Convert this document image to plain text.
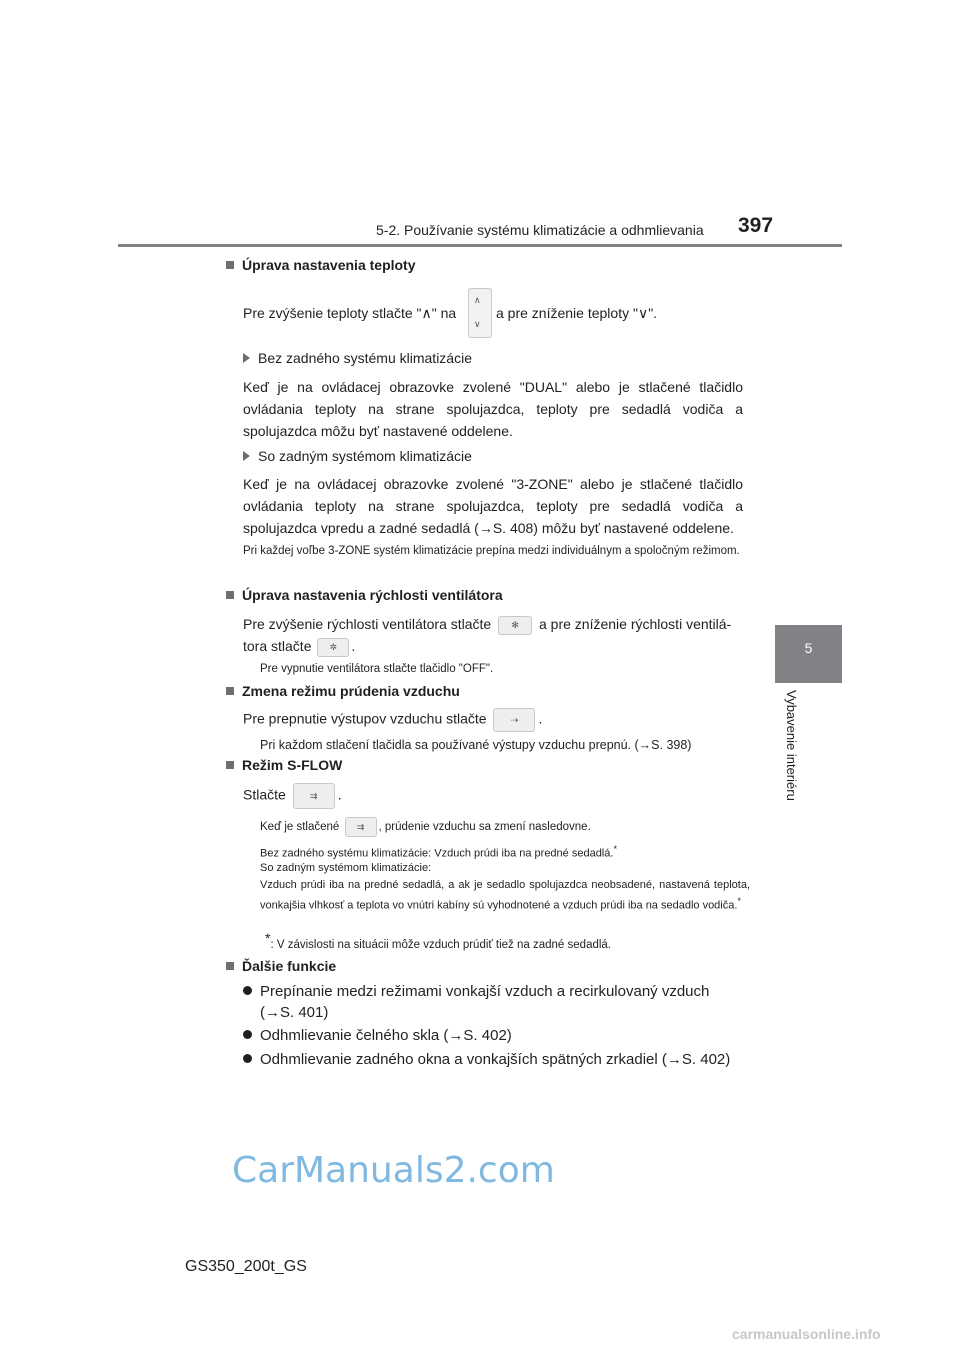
5-2. Používanie systému klimatizácie a odhmlievania 397
5
Vybavenie interiéru
Úprava nastavenia teploty
Pre zvýšenie teploty stlačte "∧" na
∧
∨
a pre zníženie teploty "∨".
Bez zadného systému klimatizácie
Keď je na ovládacej obrazovke zvolené "DUAL" alebo je stlačené tlačidlo ovládania teploty na strane spolujazdca, teploty pre sedadlá vodiča a spolujazdca môžu byť nastavené oddelene.
So zadným systémom klimatizácie
Keď je na ovládacej obrazovke zvolené "3-ZONE" alebo je stlačené tlačidlo ovládania teploty na strane spolujazdca, teploty pre sedadlá vodiča a spolujazdca vpredu a zadné sedadlá (→S. 408) môžu byť nastavené oddelene.
Pri každej voľbe 3-ZONE systém klimatizácie prepína medzi individuálnym a spoločným režimom.
Úprava nastavenia rýchlosti ventilátora
Pre zvýšenie rýchlosti ventilátora stlačte ✻ a pre zníženie rýchlosti ventilá-
tora stlačte ✲ .
Pre vypnutie ventilátora stlačte tlačidlo "OFF".
Zmena režimu prúdenia vzduchu
Pre prepnutie výstupov vzduchu stlačte	⇢ .
Pri každom stlačení tlačidla sa používané výstupy vzduchu prepnú. (→S. 398)
Režim S-FLOW
Stlačte	⇉ .
Keď je stlačené ⇉ , prúdenie vzduchu sa zmení nasledovne.
Bez zadného systému klimatizácie: Vzduch prúdi iba na predné sedadlá.*
So zadným systémom klimatizácie:
Vzduch prúdi iba na predné sedadlá, a ak je sedadlo spolujazdca neobsadené, nastavená teplota, vonkajšia vlhkosť a teplota vo vnútri kabíny sú vyhodnotené a vzduch prúdi iba na sedadlo vodiča.*
*: V závislosti na situácii môže vzduch prúdiť tiež na zadné sedadlá.
Ďalšie funkcie
Prepínanie medzi režimami vonkajší vzduch a recirkulovaný vzduch
(→S. 401)
Odhmlievanie čelného skla (→S. 402)
Odhmlievanie zadného okna a vonkajších spätných zrkadiel (→S. 402)
CarManuals2.com
GS350_200t_GS
carmanualsonline.info
